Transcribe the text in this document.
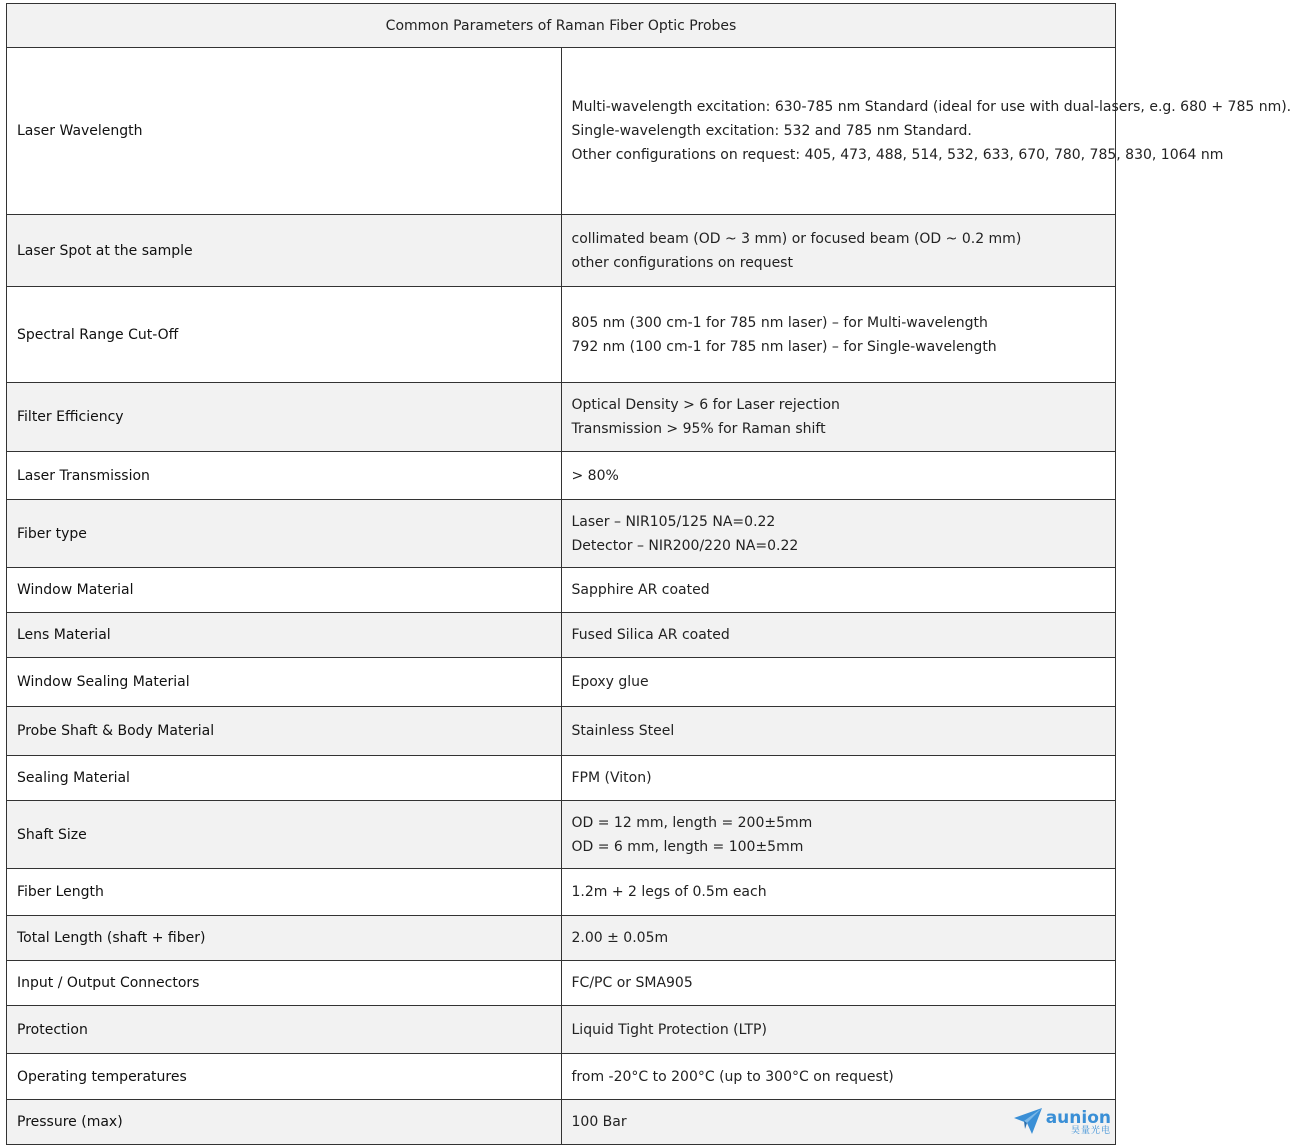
Common Parameters of Raman Fiber Optic Probes	
Laser Wavelength	Multi-wavelength excitation: 630-785 nm Standard (ideal for use with dual-lasers, e.g. 680 + 785 nm).
Single-wavelength excitation: 532 and 785 nm Standard.
Other configurations on request: 405, 473, 488, 514, 532, 633, 670, 780, 785, 830, 1064 nm

Laser Spot at the sample	collimated beam (OD ~ 3 mm) or focused beam (OD ~ 0.2 mm)
other configurations on request

Spectral Range Cut-Off	805 nm (300 cm-1 for 785 nm laser) – for Multi-wavelength
792 nm (100 cm-1 for 785 nm laser) – for Single-wavelength

Filter Efficiency	Optical Density > 6 for Laser rejection
Transmission > 95% for Raman shift

Laser Transmission	> 80%

Fiber type	Laser – NIR105/125 NA=0.22
Detector – NIR200/220 NA=0.22

Window Material	Sapphire AR coated

Lens Material	Fused Silica AR coated

Window Sealing Material	Epoxy glue

Probe Shaft & Body Material	Stainless Steel

Sealing Material	FPM (Viton)

Shaft Size	OD = 12 mm, length = 200±5mm
OD = 6 mm, length = 100±5mm

Fiber Length	1.2m + 2 legs of 0.5m each

Total Length (shaft + fiber)	2.00 ± 0.05m

Input / Output Connectors	FC/PC or SMA905

Protection	Liquid Tight Protection (LTP)

Operating temperatures	from -20°C to 200°C (up to 300°C on request)

Pressure (max)	100 Bar	aunion
昊量光电
